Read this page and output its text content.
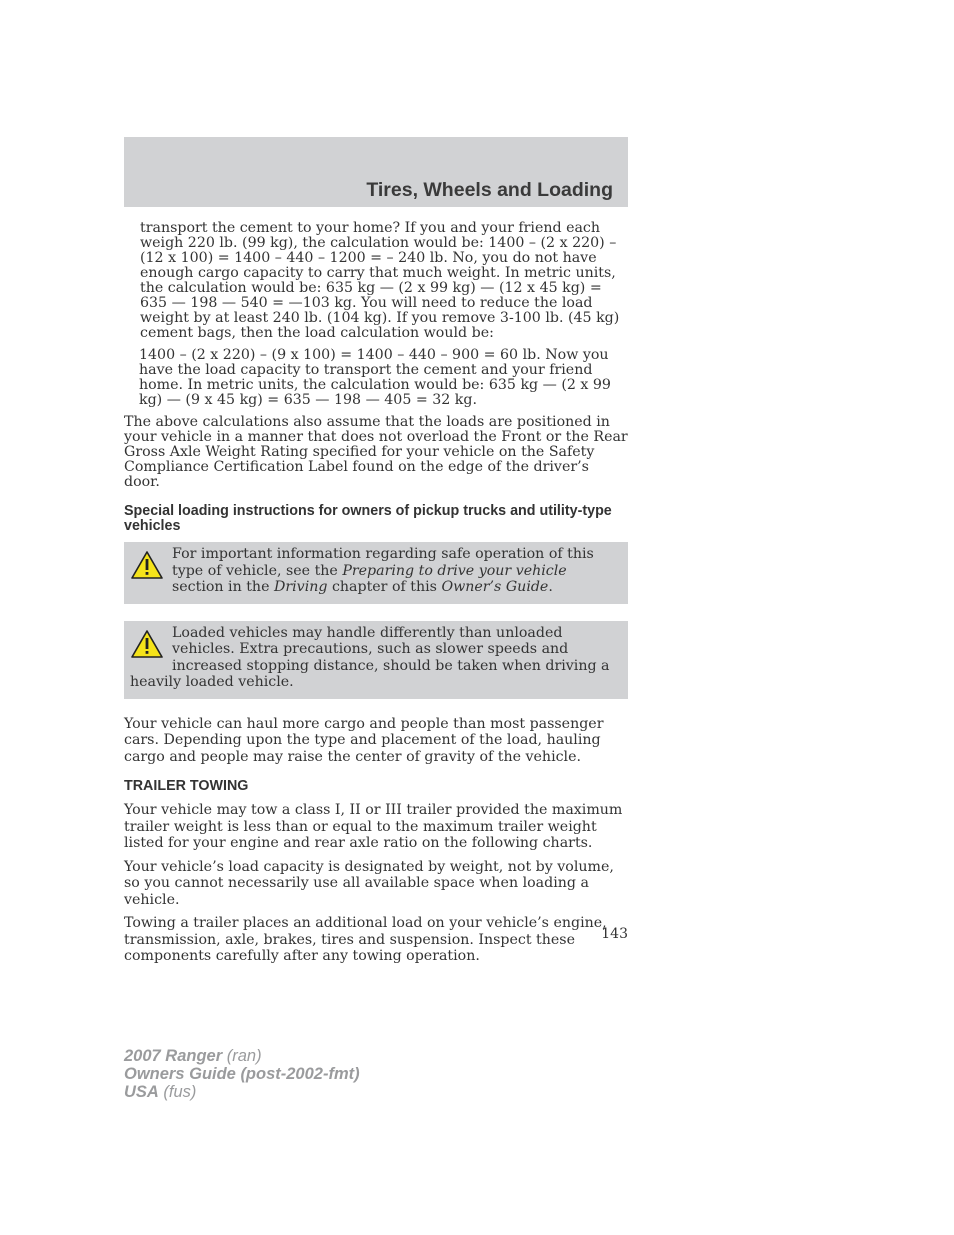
Tires, Wheels and Loading

transport the cement to your home? If you and your friend each weigh 220 lb. (99 kg), the calculation would be: 1400 – (2 x 220) – (12 x 100) = 1400 – 440 – 1200 = – 240 lb. No, you do not have enough cargo capacity to carry that much weight. In metric units, the calculation would be: 635 kg — (2 x 99 kg) — (12 x 45 kg) = 635 — 198 — 540 = —103 kg. You will need to reduce the load weight by at least 240 lb. (104 kg). If you remove 3-100 lb. (45 kg) cement bags, then the load calculation would be:

1400 – (2 x 220) – (9 x 100) = 1400 – 440 – 900 = 60 lb. Now you have the load capacity to transport the cement and your friend home. In metric units, the calculation would be: 635 kg — (2 x 99 kg) — (9 x 45 kg) = 635 — 198 — 405 = 32 kg.

The above calculations also assume that the loads are positioned in your vehicle in a manner that does not overload the Front or the Rear Gross Axle Weight Rating specified for your vehicle on the Safety Compliance Certification Label found on the edge of the driver’s door.

Special loading instructions for owners of pickup trucks and utility-type vehicles
For important information regarding safe operation of this type of vehicle, see the Preparing to drive your vehicle section in the Driving chapter of this Owner’s Guide.
Loaded vehicles may handle differently than unloaded vehicles. Extra precautions, such as slower speeds and increased stopping distance, should be taken when driving a heavily loaded vehicle.

Your vehicle can haul more cargo and people than most passenger cars. Depending upon the type and placement of the load, hauling cargo and people may raise the center of gravity of the vehicle.

TRAILER TOWING

Your vehicle may tow a class I, II or III trailer provided the maximum trailer weight is less than or equal to the maximum trailer weight listed for your engine and rear axle ratio on the following charts.

Your vehicle’s load capacity is designated by weight, not by volume, so you cannot necessarily use all available space when loading a vehicle.

Towing a trailer places an additional load on your vehicle’s engine, transmission, axle, brakes, tires and suspension. Inspect these components carefully after any towing operation.

143
2007 Ranger (ran)
Owners Guide (post-2002-fmt)
USA (fus)
